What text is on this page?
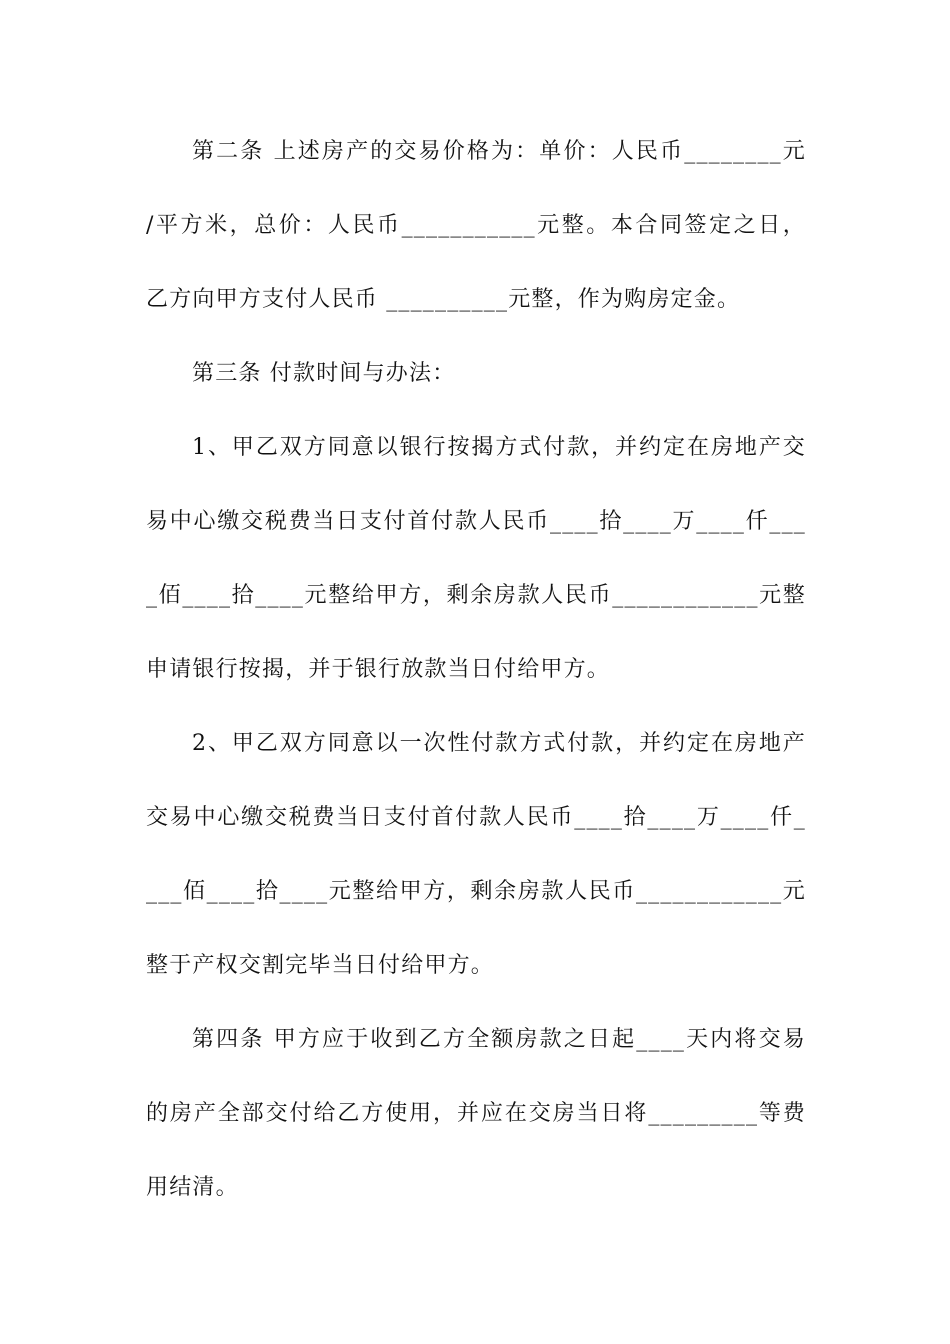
第二条 上述房产的交易价格为：单价：人民币________元
/平方米，总价：人民币___________元整。本合同签定之日，
乙方向甲方支付人民币 __________元整，作为购房定金。
第三条 付款时间与办法：
1、甲乙双方同意以银行按揭方式付款，并约定在房地产交
易中心缴交税费当日支付首付款人民币____拾____万____仟___
_佰____拾____元整给甲方，剩余房款人民币____________元整
申请银行按揭，并于银行放款当日付给甲方。
2、甲乙双方同意以一次性付款方式付款，并约定在房地产
交易中心缴交税费当日支付首付款人民币____拾____万____仟_
___佰____拾____元整给甲方，剩余房款人民币____________元
整于产权交割完毕当日付给甲方。
第四条 甲方应于收到乙方全额房款之日起____天内将交易
的房产全部交付给乙方使用，并应在交房当日将_________等费
用结清。
